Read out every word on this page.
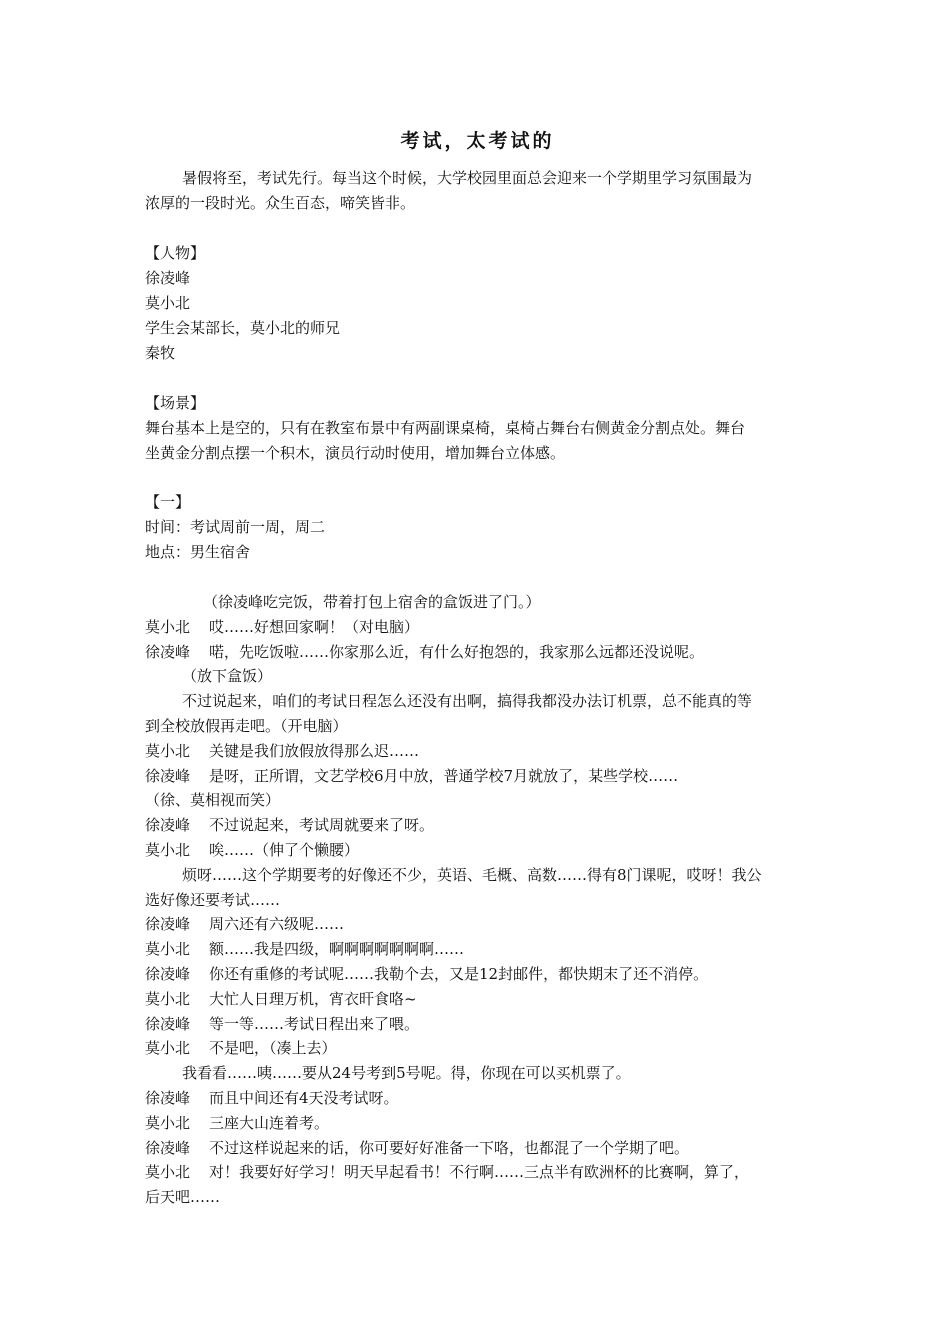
考试，太考试的
暑假将至，考试先行。每当这个时候，大学校园里面总会迎来一个学期里学习氛围最为
浓厚的一段时光。众生百态，啼笑皆非。
【人物】
徐凌峰
莫小北
学生会某部长，莫小北的师兄
秦牧
【场景】
舞台基本上是空的，只有在教室布景中有两副课桌椅，桌椅占舞台右侧黄金分割点处。舞台
坐黄金分割点摆一个积木，演员行动时使用，增加舞台立体感。
【一】
时间：考试周前一周，周二
地点：男生宿舍
（徐凌峰吃完饭，带着打包上宿舍的盒饭进了门。）
莫小北 哎……好想回家啊！（对电脑）
徐凌峰 喏，先吃饭啦……你家那么近，有什么好抱怨的，我家那么远都还没说呢。
（放下盒饭）
不过说起来，咱们的考试日程怎么还没有出啊，搞得我都没办法订机票，总不能真的等
到全校放假再走吧。（开电脑）
莫小北 关键是我们放假放得那么迟……
徐凌峰 是呀，正所谓，文艺学校6月中放，普通学校7月就放了，某些学校……
（徐、莫相视而笑）
徐凌峰 不过说起来，考试周就要来了呀。
莫小北 唉……（伸了个懒腰）
烦呀……这个学期要考的好像还不少，英语、毛概、高数……得有8门课呢，哎呀！我公
选好像还要考试……
徐凌峰 周六还有六级呢……
莫小北 额……我是四级，啊啊啊啊啊啊啊……
徐凌峰 你还有重修的考试呢……我勒个去，又是12封邮件，都快期末了还不消停。
莫小北 大忙人日理万机，宵衣旰食咯~
徐凌峰 等一等……考试日程出来了喂。
莫小北 不是吧，（凑上去）
我看看……咦……要从24号考到5号呢。得，你现在可以买机票了。
徐凌峰 而且中间还有4天没考试呀。
莫小北 三座大山连着考。
徐凌峰 不过这样说起来的话，你可要好好准备一下咯，也都混了一个学期了吧。
莫小北 对！我要好好学习！明天早起看书！不行啊……三点半有欧洲杯的比赛啊，算了，
后天吧……
